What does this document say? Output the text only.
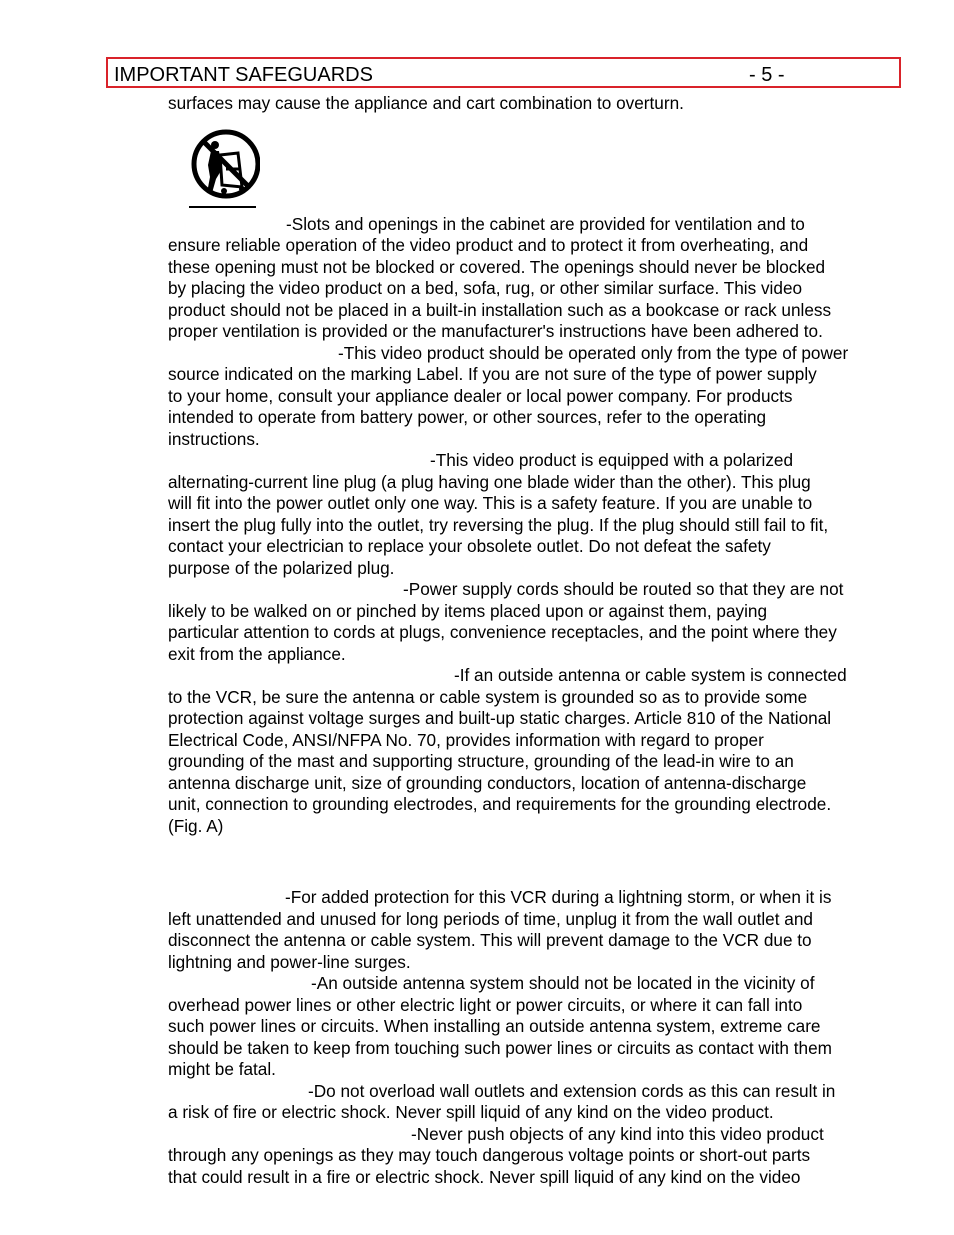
IMPORTANT SAFEGUARDS	- 5 -

surfaces may cause the appliance and cart combination to overturn.

-Slots and openings in the cabinet are provided for ventilation and to
ensure reliable operation of the video product and to protect it from overheating, and
these opening must not be blocked or covered. The openings should never be blocked
by placing the video product on a bed, sofa, rug, or other similar surface. This video
product should not be placed in a built-in installation such as a bookcase or rack unless
proper ventilation is provided or the manufacturer's instructions have been adhered to.

-This video product should be operated only from the type of power
source indicated on the marking Label. If you are not sure of the type of power supply
to your home, consult your appliance dealer or local power company. For products
intended to operate from battery power, or other sources, refer to the operating
instructions.

-This video product is equipped with a polarized
alternating-current line plug (a plug having one blade wider than the other). This plug
will fit into the power outlet only one way. This is a safety feature. If you are unable to
insert the plug fully into the outlet, try reversing the plug. If the plug should still fail to fit,
contact your electrician to replace your obsolete outlet. Do not defeat the safety
purpose of the polarized plug.

-Power supply cords should be routed so that they are not
likely to be walked on or pinched by items placed upon or against them, paying
particular attention to cords at plugs, convenience receptacles, and the point where they
exit from the appliance.

-If an outside antenna or cable system is connected
to the VCR, be sure the antenna or cable system is grounded so as to provide some
protection against voltage surges and built-up static charges. Article 810 of the National
Electrical Code, ANSI/NFPA No. 70, provides information with regard to proper
grounding of the mast and supporting structure, grounding of the lead-in wire to an
antenna discharge unit, size of grounding conductors, location of antenna-discharge
unit, connection to grounding electrodes, and requirements for the grounding electrode.
(Fig. A)

-For added protection for this VCR during a lightning storm, or when it is
left unattended and unused for long periods of time, unplug it from the wall outlet and
disconnect the antenna or cable system. This will prevent damage to the VCR due to
lightning and power-line surges.

-An outside antenna system should not be located in the vicinity of
overhead power lines or other electric light or power circuits, or where it can fall into
such power lines or circuits. When installing an outside antenna system, extreme care
should be taken to keep from touching such power lines or circuits as contact with them
might be fatal.

-Do not overload wall outlets and extension cords as this can result in
a risk of fire or electric shock. Never spill liquid of any kind on the video product.

-Never push objects of any kind into this video product
through any openings as they may touch dangerous voltage points or short-out parts
that could result in a fire or electric shock. Never spill liquid of any kind on the video
